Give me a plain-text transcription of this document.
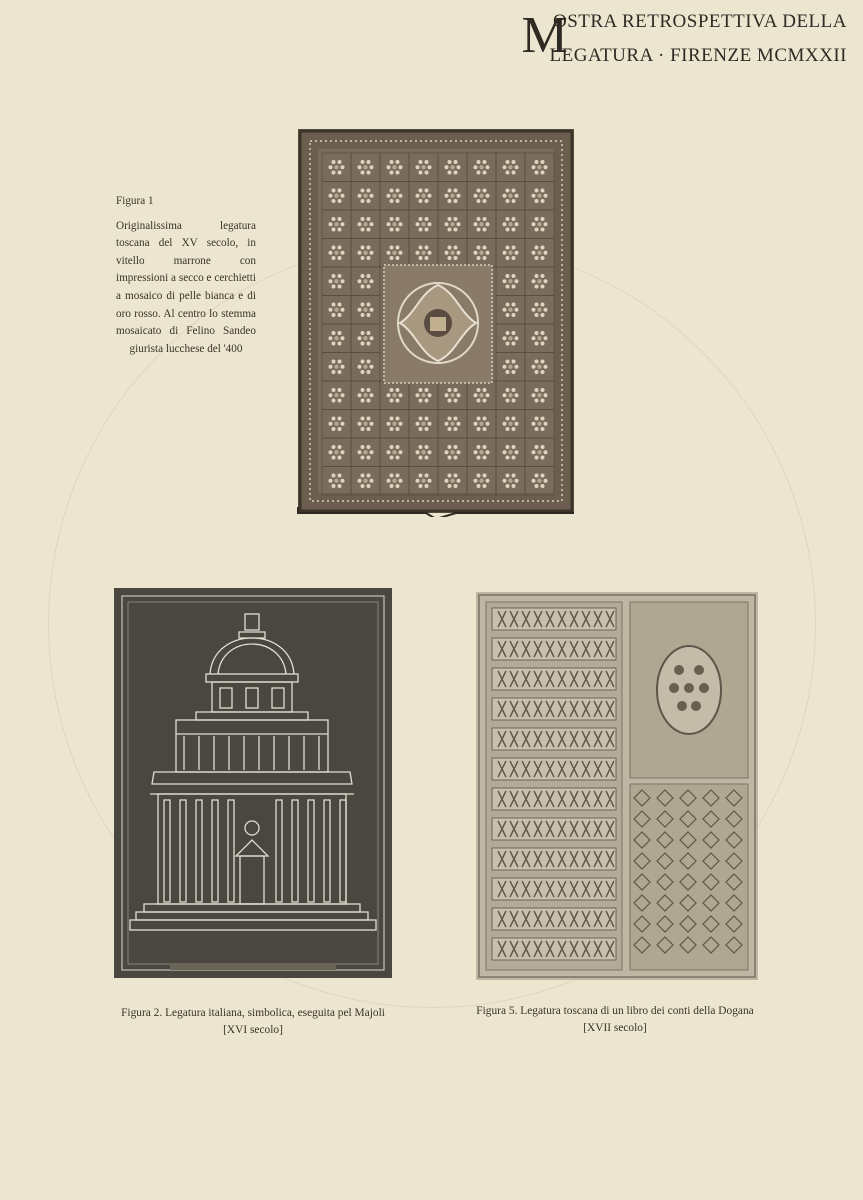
M
OSTRA RETROSPETTIVA DELLA
LEGATURA · FIRENZE MCMXXII
Figura 1
Originalissima legatura toscana del XV secolo, in vitello marrone con impressioni a secco e cerchietti a mosaico di pelle bianca e di oro rosso. Al centro lo stemma mosaicato di Felino Sandeo giurista lucchese del '400
Figura 2. Legatura italiana, simbolica, eseguita pel Majoli
[XVI secolo]
Figura 5. Legatura toscana di un libro dei conti della Dogana
[XVII secolo]
